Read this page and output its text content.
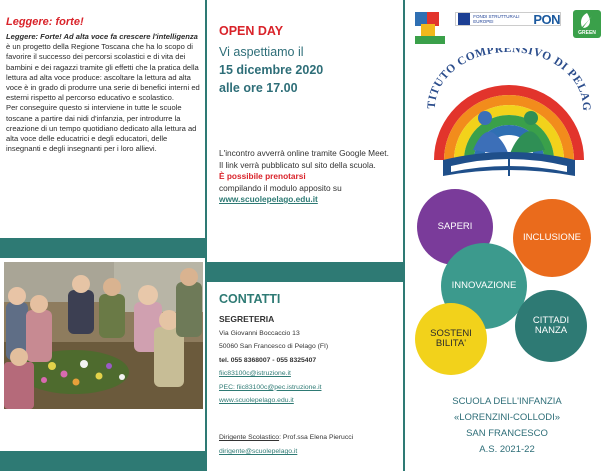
Leggere: forte!
Leggere: Forte! Ad alta voce fa crescere l'intelligenza è un progetto della Regione Toscana che ha lo scopo di favorire il successo dei percorsi scolastici e di vita dei bambini e dei ragazzi tramite gli effetti che la pratica della lettura ad alta voce produce: ascoltare la lettura ad alta voce è in grado di produrre una serie di benefici interni ed esterni rispetto al percorso educativo e scolastico.
Per conseguire questo si interviene in tutte le scuole toscane a partire dai nidi d'infanzia, per introdurre la creazione di un tempo quotidiano dedicato alla lettura ad alta voce delle educatrici e degli educatori, delle insegnanti e degli insegnanti per i loro allievi.
OPEN DAY
Vi aspettiamo il
15 dicembre 2020
alle ore 17.00
L'incontro avverrà online tramite Google Meet.
Il link verrà pubblicato sul sito della scuola.
È possibile prenotarsi
compilando il modulo apposito su
www.scuolepelago.edu.it
CONTATTI
SEGRETERIA
Via Giovanni Boccaccio 13
50060 San Francesco di Pelago (FI)
tel. 055 8368007 - 055 8325407
fiic83100c@istruzione.it
PEC: fiic83100c@pec.istruzione.it
www.scuolepelago.edu.it
Dirigente Scolastico: Prof.ssa Elena Pierucci
dirigente@scuolepelago.it
FONDI STRUTTURALI EUROPEI	PON
GREEN
TITUTO COMPRENSIVO DI PELAG
SAPERI
INCLUSIONE
INNOVAZIONE
CITTADI
NANZA
SOSTENI
BILITA'
SCUOLA DELL'INFANZIA
«LORENZINI-COLLODI»
SAN FRANCESCO
A.S. 2021-22
